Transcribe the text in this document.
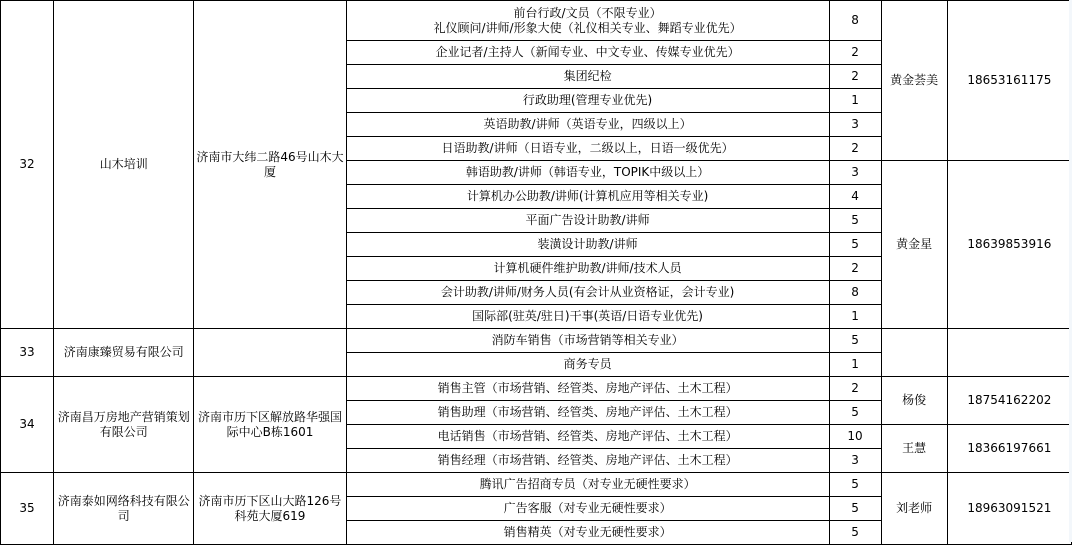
32	山木培训	济南市大纬二路46号山木大厦	前台行政/文员（不限专业）
礼仪顾问/讲师/形象大使（礼仪相关专业、舞蹈专业优先）	8	黄金荟美	18653161175
			企业记者/主持人（新闻专业、中文专业、传媒专业优先）	2		
			集团纪检	2		
			行政助理(管理专业优先)	1		
			英语助教/讲师（英语专业，四级以上）	3		
			日语助教/讲师（日语专业，二级以上，日语一级优先）	2		
			韩语助教/讲师（韩语专业，TOPIK中级以上）	3	黄金星	18639853916
			计算机办公助教/讲师(计算机应用等相关专业)	4		
			平面广告设计助教/讲师	5		
			装潢设计助教/讲师	5		
			计算机硬件维护助教/讲师/技术人员	2		
			会计助教/讲师/财务人员(有会计从业资格证，会计专业)	8		
			国际部(驻英/驻日)干事(英语/日语专业优先)	1		
33	济南康臻贸易有限公司		消防车销售（市场营销等相关专业）	5		
			商务专员	1		
34	济南昌万房地产营销策划有限公司	济南市历下区解放路华强国际中心B栋1601	销售主管（市场营销、经管类、房地产评估、土木工程）	2	杨俊	18754162202
			销售助理（市场营销、经管类、房地产评估、土木工程）	5		
			电话销售（市场营销、经管类、房地产评估、土木工程）	10	王慧	18366197661
			销售经理（市场营销、经管类、房地产评估、土木工程）	3		
35	济南泰如网络科技有限公司	济南市历下区山大路126号科苑大厦619	腾讯广告招商专员（对专业无硬性要求）	5	刘老师	18963091521
			广告客服（对专业无硬性要求）	5		
			销售精英（对专业无硬性要求）	5		
